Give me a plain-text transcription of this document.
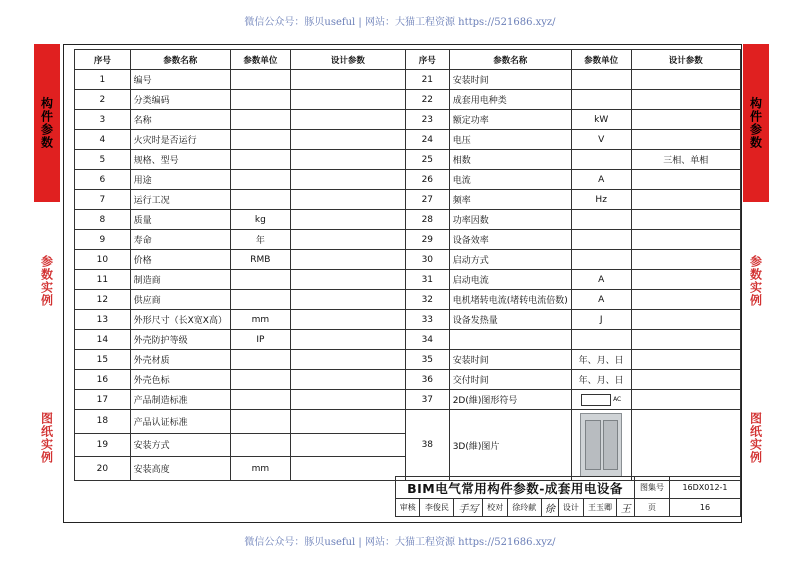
微信公众号：豚贝useful | 网站：大猫工程资源 https://521686.xyz/
微信公众号：豚贝useful | 网站：大猫工程资源 https://521686.xyz/
构件参数
参数实例
图纸实例
构件参数
参数实例
图纸实例
序号	参数名称	参数单位	设计参数	序号	参数名称	参数单位	设计参数
1	编号			21	安装时间		
2	分类编码			22	成套用电种类		
3	名称			23	额定功率	kW	
4	火灾时是否运行			24	电压	V	
5	规格、型号			25	相数		三相、单相
6	用途			26	电流	A	
7	运行工况			27	频率	Hz	
8	质量	kg		28	功率因数		
9	寿命	年		29	设备效率		
10	价格	RMB		30	启动方式		
11	制造商			31	启动电流	A	
12	供应商			32	电机堵转电流(堵转电流倍数)	A	
13	外形尺寸（长X宽X高）	mm		33	设备发热量	J	
14	外壳防护等级	IP		34			
15	外壳材质			35	安装时间	年、月、日	
16	外壳色标			36	交付时间	年、月、日	
17	产品制造标准			37	2D(維)图形符号	AC	
18	产品认证标准			38	3D(維)图片	

19	安装方式						
20	安装高度	mm					
BIM电气常用构件参数-成套用电设备									图集号	16DX012-1
审核	李俊民	手写	校对	徐玲献	徐	设计	王玉卿	王	页	16
